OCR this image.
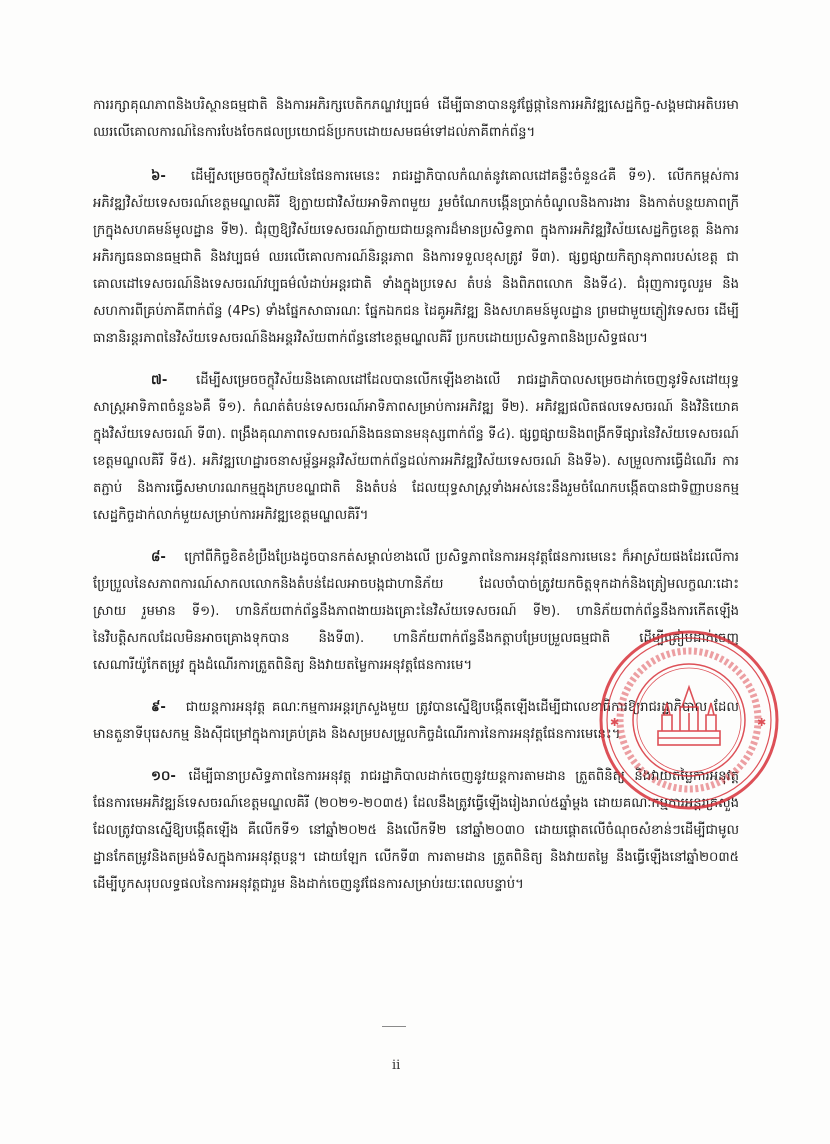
ការរក្សាគុណភាពនិងបរិស្ថានធម្មជាតិ និងការអភិរក្សបេតិកភណ្ឌវប្បធម៌ ដើម្បីធានាបាននូវផ្លែផ្កានៃការអភិវឌ្ឍសេដ្ឋកិច្ច-សង្គមជាអតិបរមា ឈរលើគោលការណ៍នៃការបែងចែកផលប្រយោជន៍ប្រកបដោយសមធម៌ទៅដល់ភាគីពាក់ព័ន្ធ។

៦- ដើម្បីសម្រេចចក្ខុវិស័យនៃផែនការមេនេះ រាជរដ្ឋាភិបាលកំណត់នូវគោលដៅគន្លឹះចំនួន៤គឺ ទី១). លើកកម្ពស់ការអភិវឌ្ឍវិស័យទេសចរណ៍ខេត្តមណ្ឌលគិរី ឱ្យក្លាយជាវិស័យអាទិភាពមួយ រួមចំណែកបង្កើនប្រាក់ចំណូលនិងការងារ និងកាត់បន្ថយភាពក្រីក្រក្នុងសហគមន៍មូលដ្ឋាន ទី២). ជំរុញឱ្យវិស័យទេសចរណ៍ក្លាយជាយន្តការដ៏មានប្រសិទ្ធភាព ក្នុងការអភិវឌ្ឍវិស័យសេដ្ឋកិច្ចខេត្ត និងការអភិរក្សធនធានធម្មជាតិ និងវប្បធម៌ ឈរលើគោលការណ៍និរន្តរភាព និងការទទួលខុសត្រូវ ទី៣). ផ្សព្វផ្សាយកិត្យានុភាពរបស់ខេត្ត ជាគោលដៅទេសចរណ៍និងទេសចរណ៍វប្បធម៌លំដាប់អន្តរជាតិ ទាំងក្នុងប្រទេស តំបន់ និងពិភពលោក និងទី៤). ជំរុញការចូលរួម និងសហការពីគ្រប់ភាគីពាក់ព័ន្ធ (4Ps) ទាំងផ្នែកសាធារណៈ ផ្នែកឯកជន ដៃគូអភិវឌ្ឍ និងសហគមន៍មូលដ្ឋាន ព្រមជាមួយភ្ញៀវទេសចរ ដើម្បីធានានិរន្តរភាពនៃវិស័យទេសចរណ៍និងអន្តរវិស័យពាក់ព័ន្ធនៅខេត្តមណ្ឌលគិរី ប្រកបដោយប្រសិទ្ធភាពនិងប្រសិទ្ធផល។

៧- ដើម្បីសម្រេចចក្ខុវិស័យនិងគោលដៅដែលបានលើកឡើងខាងលើ រាជរដ្ឋាភិបាលសម្រេចដាក់ចេញនូវទិសដៅយុទ្ធសាស្ត្រអាទិភាពចំនួន៦គឺ ទី១). កំណត់តំបន់ទេសចរណ៍អាទិភាពសម្រាប់ការអភិវឌ្ឍ ទី២). អភិវឌ្ឍផលិតផលទេសចរណ៍ និងវិនិយោគក្នុងវិស័យទេសចរណ៍ ទី៣). ពង្រឹងគុណភាពទេសចរណ៍និងធនធានមនុស្សពាក់ព័ន្ធ ទី៤). ផ្សព្វផ្សាយនិងពង្រីកទីផ្សារនៃវិស័យទេសចរណ៍ខេត្តមណ្ឌលគិរី ទី៥). អភិវឌ្ឍហេដ្ឋារចនាសម្ព័ន្ធអន្តរវិស័យពាក់ព័ន្ធដល់ការអភិវឌ្ឍវិស័យទេសចរណ៍ និងទី៦). សម្រួលការធ្វើដំណើរ ការតភ្ជាប់ និងការធ្វើសមាហរណកម្មក្នុងក្របខណ្ឌជាតិ និងតំបន់ ដែលយុទ្ធសាស្ត្រទាំងអស់នេះនឹងរួមចំណែកបង្កើតបានជាទិញ្ញាបនកម្មសេដ្ឋកិច្ចដាក់លាក់មួយសម្រាប់ការអភិវឌ្ឍខេត្តមណ្ឌលគិរី។

៨- ក្រៅពីកិច្ចខិតខំប្រឹងប្រែងដូចបានកត់សម្គាល់ខាងលើ ប្រសិទ្ធភាពនៃការអនុវត្តផែនការមេនេះ ក៏អាស្រ័យផងដែរលើការប្រែប្រួលនៃសភាពការណ៍សាកលលោកនិងតំបន់ដែលអាចបង្កជាហានិភ័យ ដែលចាំបាច់ត្រូវយកចិត្តទុកដាក់និងត្រៀមលក្ខណៈដោះស្រាយ រួមមាន ទី១). ហានិភ័យពាក់ព័ន្ធនឹងភាពងាយរងគ្រោះនៃវិស័យទេសចរណ៍ ទី២). ហានិភ័យពាក់ព័ន្ធនឹងការកើតឡើងនៃវិបត្តិសកលដែលមិនអាចគ្រោងទុកបាន និងទី៣). ហានិភ័យពាក់ព័ន្ធនឹងកត្តាបម្រែបម្រួលធម្មជាតិ ដើម្បីត្រៀមដាក់ចេញសេណារីយ៉ូកែតម្រូវ ក្នុងដំណើរការត្រួតពិនិត្យ និងវាយតម្លៃការអនុវត្តផែនការមេ។

៩- ជាយន្តការអនុវត្ត គណៈកម្មការអន្តរក្រសួងមួយ ត្រូវបានស្នើឱ្យបង្កើតឡើងដើម្បីជាលេខាធិការឱ្យរាជរដ្ឋាភិបាល ដែលមានតួនាទីបុរេសកម្ម និងស៊ីជម្រៅក្នុងការគ្រប់គ្រង និងសម្របសម្រួលកិច្ចដំណើរការនៃការអនុវត្តផែនការមេនេះ។

១០- ដើម្បីធានាប្រសិទ្ធភាពនៃការអនុវត្ត រាជរដ្ឋាភិបាលដាក់ចេញនូវយន្តការតាមដាន ត្រួតពិនិត្យ និងវាយតម្លៃការអនុវត្តផែនការមេអភិវឌ្ឍន៍ទេសចរណ៍ខេត្តមណ្ឌលគិរី (២០២១-២០៣៥) ដែលនឹងត្រូវធ្វើឡើងរៀងរាល់៥ឆ្នាំម្តង ដោយគណៈកម្មការអន្តរក្រសួងដែលត្រូវបានស្នើឱ្យបង្កើតឡើង គឺលើកទី១ នៅឆ្នាំ២០២៥ និងលើកទី២ នៅឆ្នាំ២០៣០ ដោយផ្តោតលើចំណុចសំខាន់ៗដើម្បីជាមូលដ្ឋានកែតម្រូវនិងតម្រង់ទិសក្នុងការអនុវត្តបន្ត។ ដោយឡែក លើកទី៣ ការតាមដាន ត្រួតពិនិត្យ និងវាយតម្លៃ នឹងធ្វើឡើងនៅឆ្នាំ២០៣៥ ដើម្បីបូកសរុបលទ្ធផលនៃការអនុវត្តជារួម និងដាក់ចេញនូវផែនការសម្រាប់រយៈពេលបន្ទាប់។

ii
✱	✱
